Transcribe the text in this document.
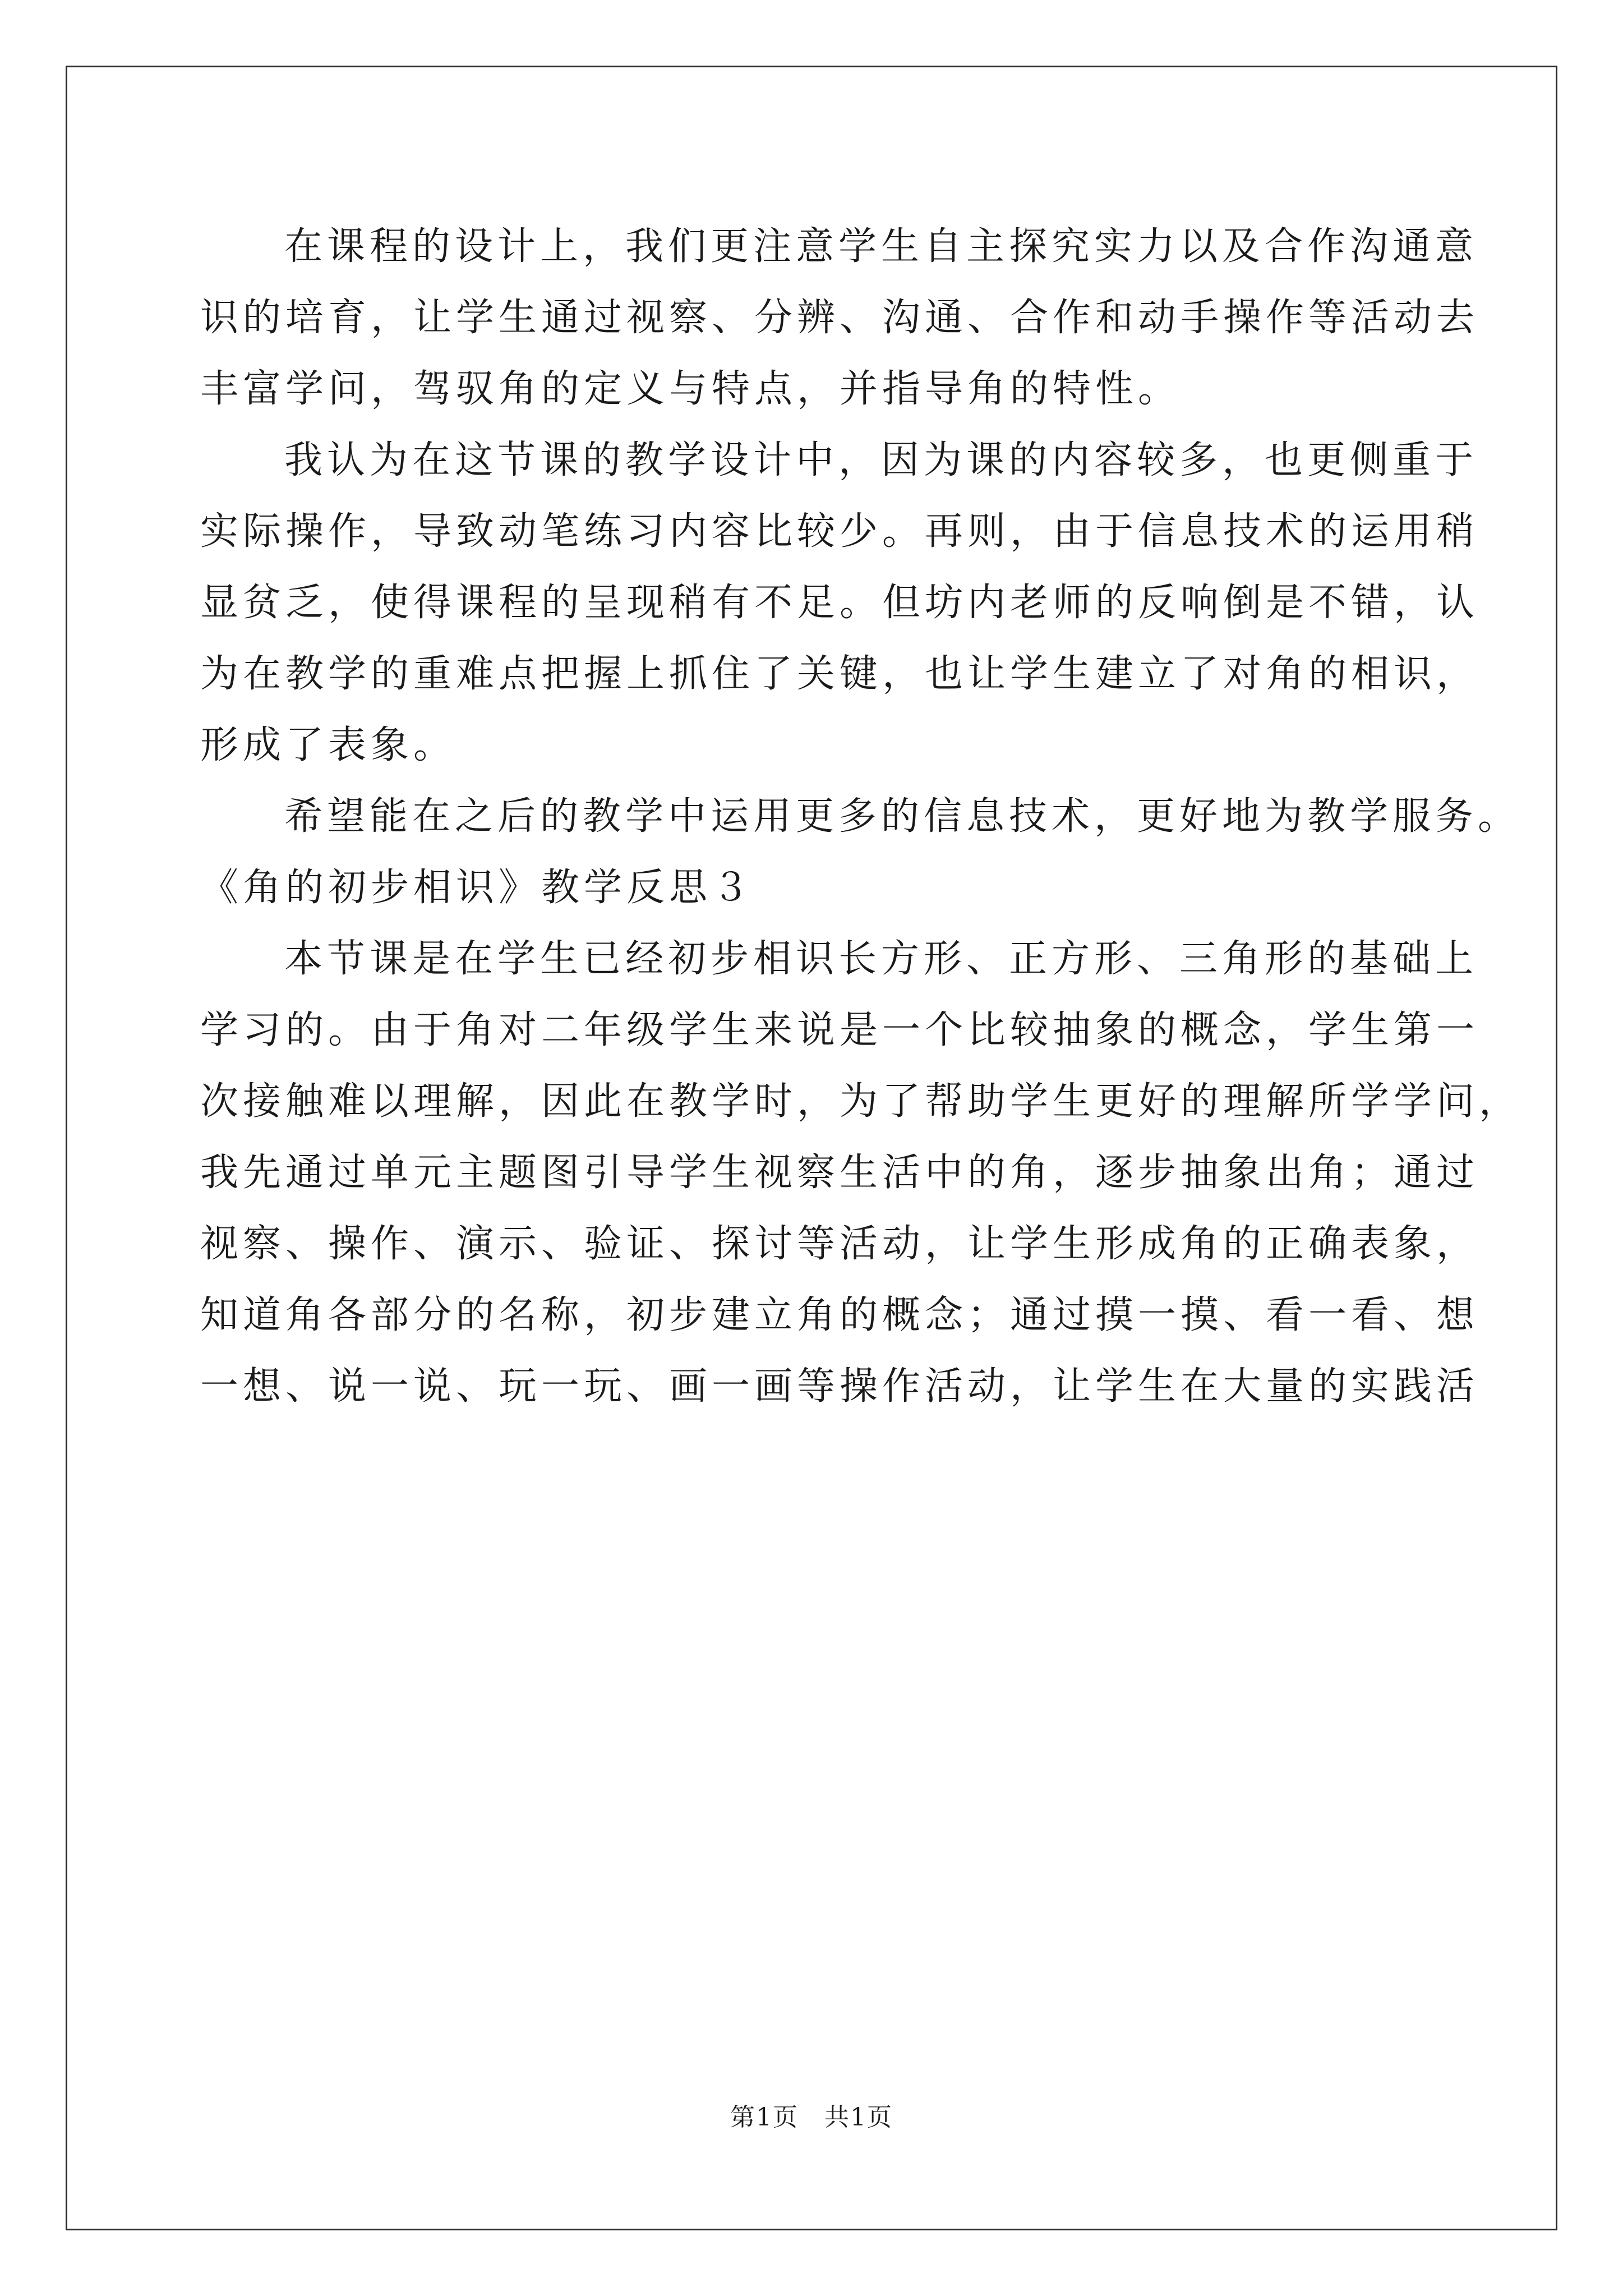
在课程的设计上，我们更注意学生自主探究实力以及合作沟通意
识的培育，让学生通过视察、分辨、沟通、合作和动手操作等活动去
丰富学问，驾驭角的定义与特点，并指导角的特性。
我认为在这节课的教学设计中，因为课的内容较多，也更侧重于
实际操作，导致动笔练习内容比较少。再则，由于信息技术的运用稍
显贫乏，使得课程的呈现稍有不足。但坊内老师的反响倒是不错，认
为在教学的重难点把握上抓住了关键，也让学生建立了对角的相识，
形成了表象。
希望能在之后的教学中运用更多的信息技术，更好地为教学服务。
《角的初步相识》教学反思３
本节课是在学生已经初步相识长方形、正方形、三角形的基础上
学习的。由于角对二年级学生来说是一个比较抽象的概念，学生第一
次接触难以理解，因此在教学时，为了帮助学生更好的理解所学学问，
我先通过单元主题图引导学生视察生活中的角，逐步抽象出角；通过
视察、操作、演示、验证、探讨等活动，让学生形成角的正确表象，
知道角各部分的名称，初步建立角的概念；通过摸一摸、看一看、想
一想、说一说、玩一玩、画一画等操作活动，让学生在大量的实践活
第1页　共1页
